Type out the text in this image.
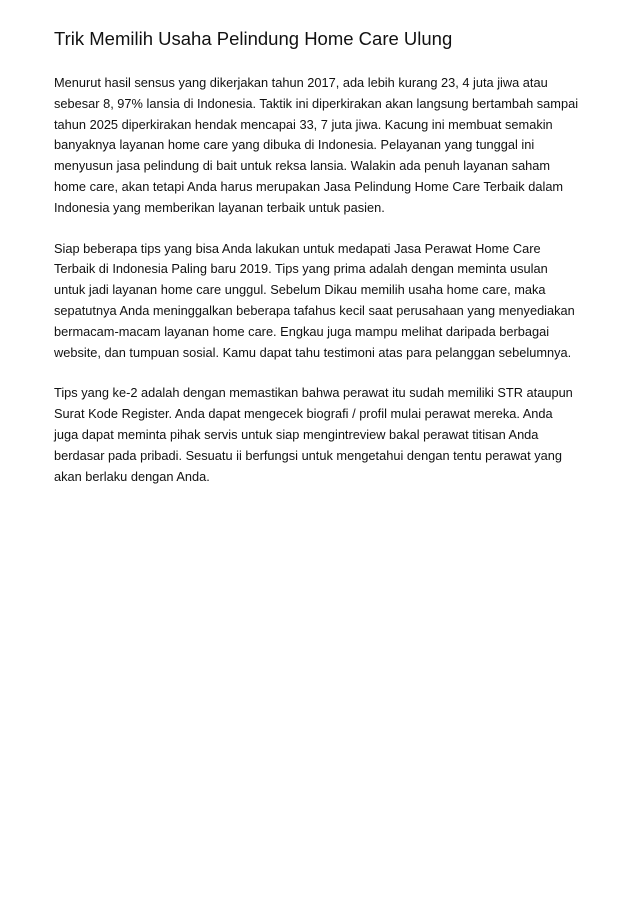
Trik Memilih Usaha Pelindung Home Care Ulung
Menurut hasil sensus yang dikerjakan tahun 2017, ada lebih kurang 23, 4 juta jiwa atau
sebesar 8, 97% lansia di Indonesia. Taktik ini diperkirakan akan langsung bertambah sampai
tahun 2025 diperkirakan hendak mencapai 33, 7 juta jiwa. Kacung ini membuat semakin
banyaknya layanan home care yang dibuka di Indonesia. Pelayanan yang tunggal ini
menyusun jasa pelindung di bait untuk reksa lansia. Walakin ada penuh layanan saham
home care, akan tetapi Anda harus merupakan Jasa Pelindung Home Care Terbaik dalam
Indonesia yang memberikan layanan terbaik untuk pasien.
Siap beberapa tips yang bisa Anda lakukan untuk medapati Jasa Perawat Home Care
Terbaik di Indonesia Paling baru 2019. Tips yang prima adalah dengan meminta usulan
untuk jadi layanan home care unggul. Sebelum Dikau memilih usaha home care, maka
sepatutnya Anda meninggalkan beberapa tafahus kecil saat perusahaan yang menyediakan
bermacam-macam layanan home care. Engkau juga mampu melihat daripada berbagai
website, dan tumpuan sosial. Kamu dapat tahu testimoni atas para pelanggan sebelumnya.
Tips yang ke-2 adalah dengan memastikan bahwa perawat itu sudah memiliki STR ataupun
Surat Kode Register. Anda dapat mengecek biografi / profil mulai perawat mereka. Anda
juga dapat meminta pihak servis untuk siap mengintreview bakal perawat titisan Anda
berdasar pada pribadi. Sesuatu ii berfungsi untuk mengetahui dengan tentu perawat yang
akan berlaku dengan Anda.
